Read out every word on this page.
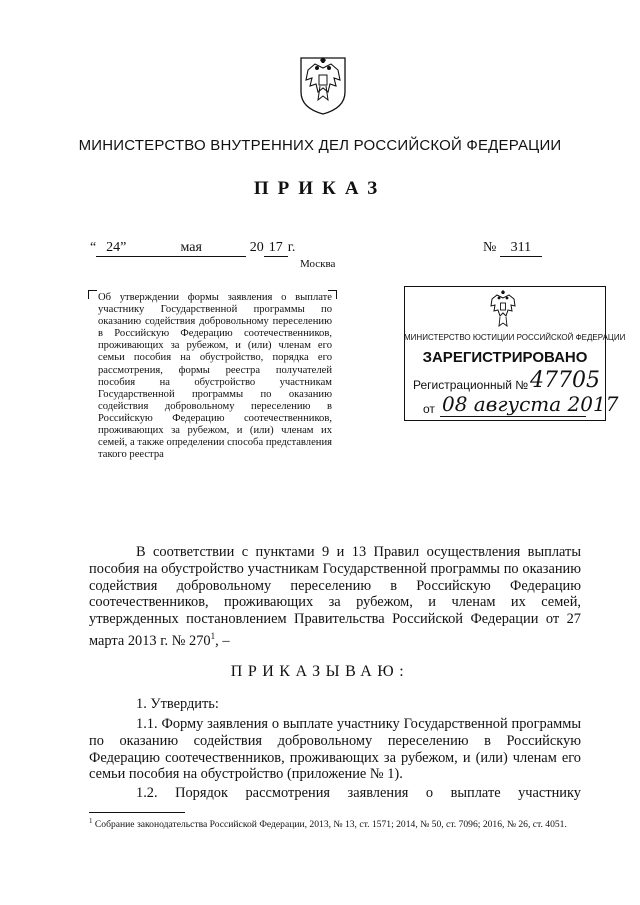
МИНИСТЕРСТВО ВНУТРЕННИХ ДЕЛ РОССИЙСКОЙ ФЕДЕРАЦИИ
ПРИКАЗ
“ 24”	мая	20 17 г.	№ 311
Москва
Об утверждении формы заявления о выплате участнику Государственной программы по оказанию содействия добровольному переселению в Российскую Федерацию соотечественников, проживающих за рубежом, и (или) членам его семьи пособия на обустройство, порядка его рассмотрения, формы реестра получателей пособия на обустройство участникам Государственной программы по оказанию содействия добровольному переселению в Российскую Федерацию соотечественников, проживающих за рубежом, и (или) членам их семей, а также определении способа представления такого реестра
МИНИСТЕРСТВО ЮСТИЦИИ РОССИЙСКОЙ ФЕДЕРАЦИИ
ЗАРЕГИСТРИРОВАНО
Регистрационный № 47705
от 08 августа 2017
В соответствии с пунктами 9 и 13 Правил осуществления выплаты пособия на обустройство участникам Государственной программы по оказанию содействия добровольному переселению в Российскую Федерацию соотечественников, проживающих за рубежом, и членам их семей, утвержденных постановлением Правительства Российской Федерации от 27 марта 2013 г. № $270^1$, –
ПРИКАЗЫВАЮ:
1. Утвердить:
1.1. Форму заявления о выплате участнику Государственной программы по оказанию содействия добровольному переселению в Российскую Федерацию соотечественников, проживающих за рубежом, и (или) членам его семьи пособия на обустройство (приложение № 1).
1.2. Порядок рассмотрения заявления о выплате участнику
$^1$ Собрание законодательства Российской Федерации, 2013, № 13, ст. 1571; 2014, № 50, ст. 7096; 2016, № 26, ст. 4051.
